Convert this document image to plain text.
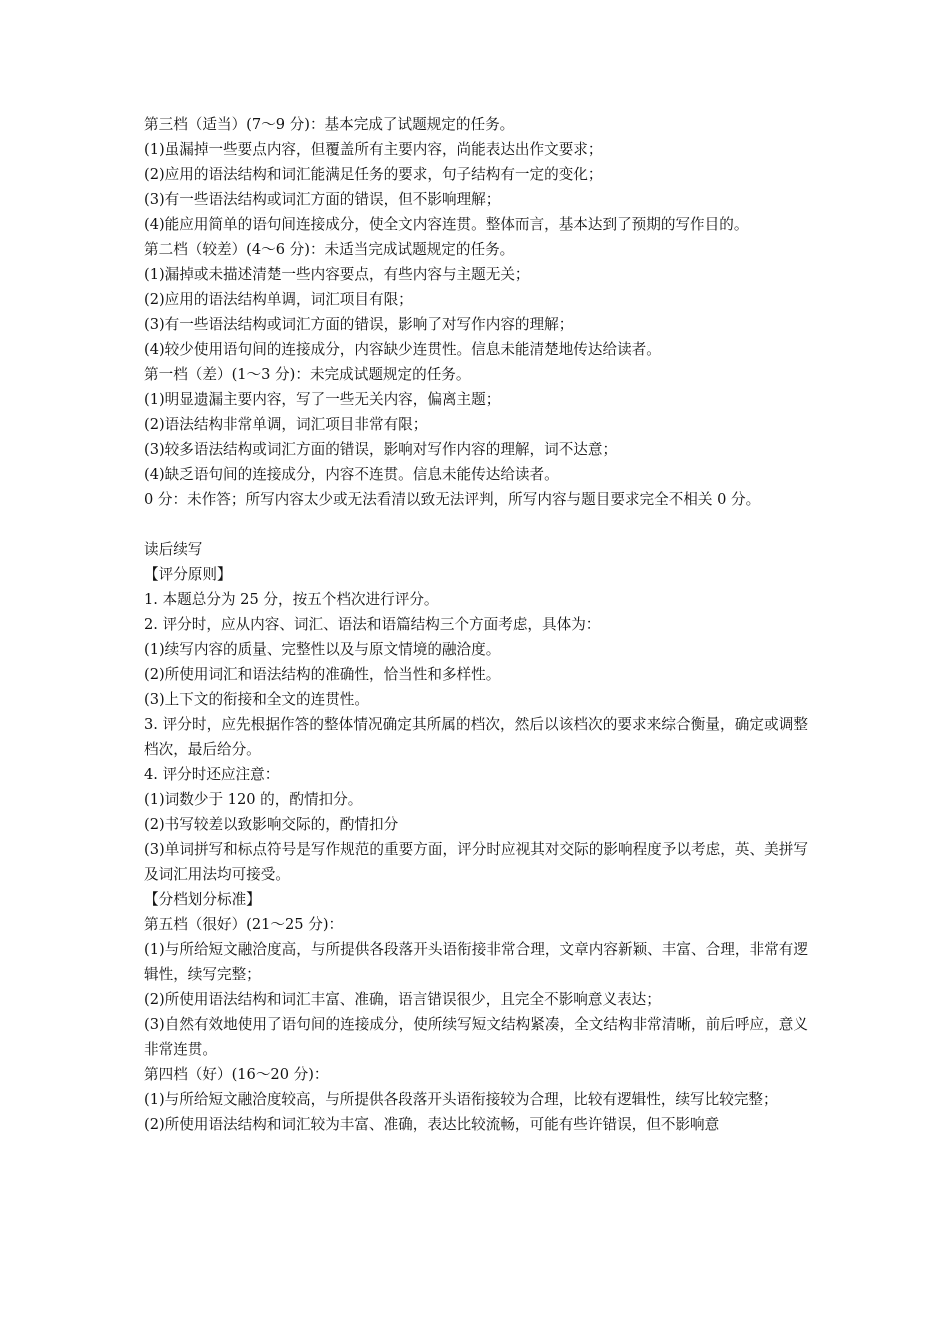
第三档（适当）(7～9 分)：基本完成了试题规定的任务。

(1)虽漏掉一些要点内容，但覆盖所有主要内容，尚能表达出作文要求；

(2)应用的语法结构和词汇能满足任务的要求，句子结构有一定的变化；

(3)有一些语法结构或词汇方面的错误，但不影响理解；

(4)能应用简单的语句间连接成分，使全文内容连贯。整体而言，基本达到了预期的写作目的。

第二档（较差）(4～6 分)：未适当完成试题规定的任务。

(1)漏掉或未描述清楚一些内容要点，有些内容与主题无关；

(2)应用的语法结构单调，词汇项目有限；

(3)有一些语法结构或词汇方面的错误，影响了对写作内容的理解；

(4)较少使用语句间的连接成分，内容缺少连贯性。信息未能清楚地传达给读者。

第一档（差）(1～3 分)：未完成试题规定的任务。

(1)明显遗漏主要内容，写了一些无关内容，偏离主题；

(2)语法结构非常单调，词汇项目非常有限；

(3)较多语法结构或词汇方面的错误，影响对写作内容的理解，词不达意；

(4)缺乏语句间的连接成分，内容不连贯。信息未能传达给读者。

0 分：未作答；所写内容太少或无法看清以致无法评判，所写内容与题目要求完全不相关 0 分。

读后续写

【评分原则】

1. 本题总分为 25 分，按五个档次进行评分。

2. 评分时，应从内容、词汇、语法和语篇结构三个方面考虑，具体为：

(1)续写内容的质量、完整性以及与原文情境的融洽度。

(2)所使用词汇和语法结构的准确性，恰当性和多样性。

(3)上下文的衔接和全文的连贯性。

3. 评分时，应先根据作答的整体情况确定其所属的档次，然后以该档次的要求来综合衡量，确定或调整档次，最后给分。

4. 评分时还应注意：

(1)词数少于 120 的，酌情扣分。

(2)书写较差以致影响交际的，酌情扣分

(3)单词拼写和标点符号是写作规范的重要方面，评分时应视其对交际的影响程度予以考虑，英、美拼写及词汇用法均可接受。

【分档划分标准】

第五档（很好）(21～25 分)：

(1)与所给短文融洽度高，与所提供各段落开头语衔接非常合理，文章内容新颖、丰富、合理，非常有逻辑性，续写完整；

(2)所使用语法结构和词汇丰富、准确，语言错误很少，且完全不影响意义表达；

(3)自然有效地使用了语句间的连接成分，使所续写短文结构紧凑，全文结构非常清晰，前后呼应，意义非常连贯。

第四档（好）(16～20 分)：

(1)与所给短文融洽度较高，与所提供各段落开头语衔接较为合理，比较有逻辑性，续写比较完整；

(2)所使用语法结构和词汇较为丰富、准确，表达比较流畅，可能有些许错误，但不影响意
